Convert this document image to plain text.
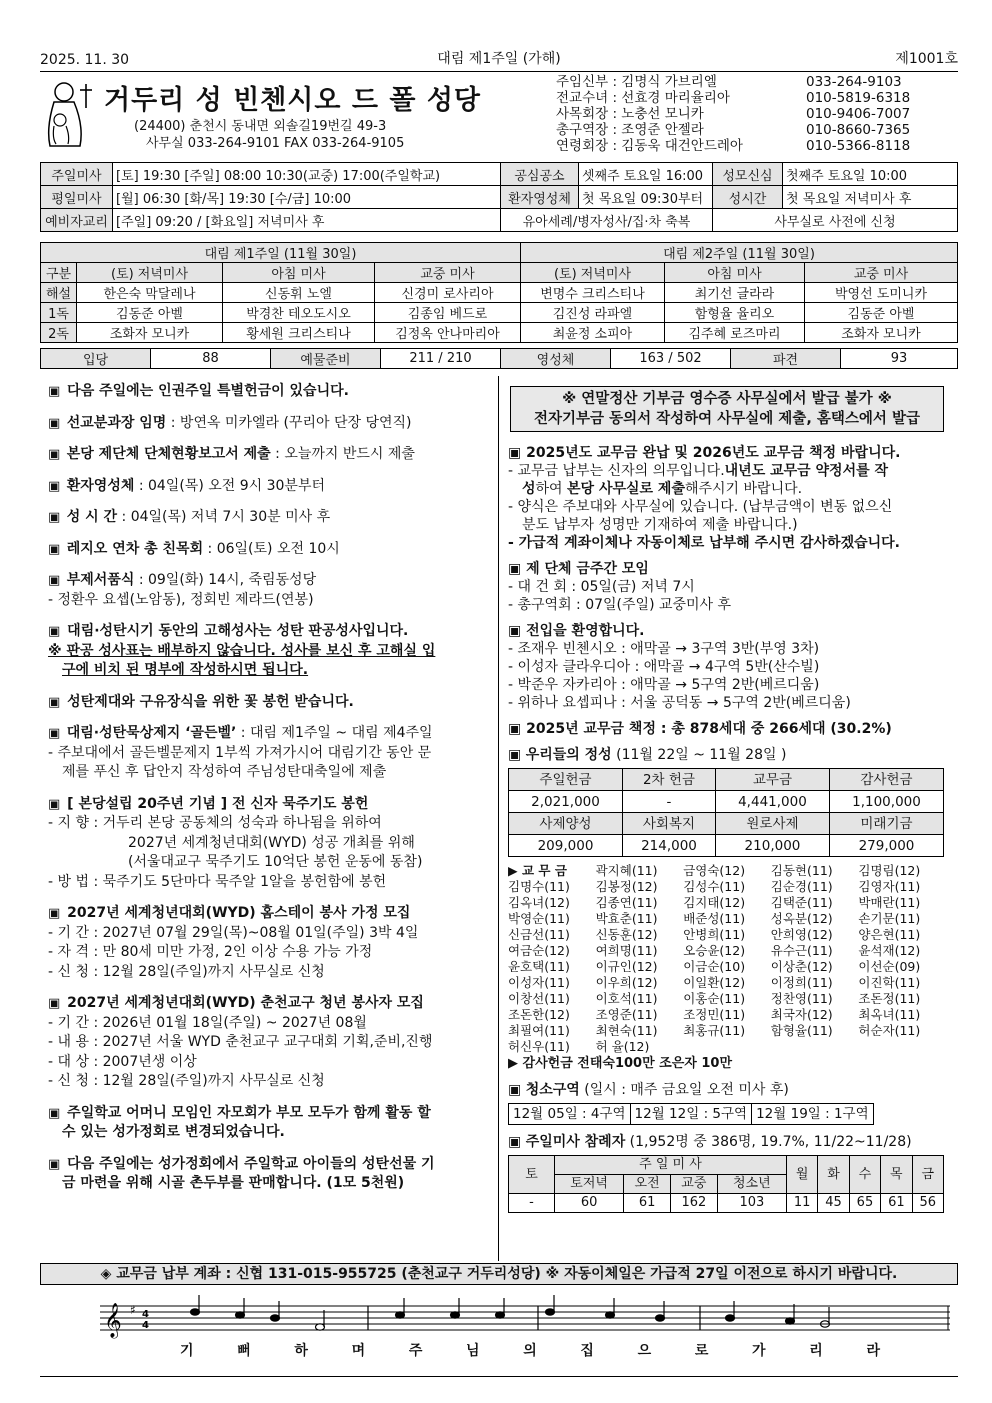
2025. 11. 30	대림 제1주일 (가해)	제1001호
거두리 성 빈첸시오 드 폴 성당
(24400) 춘천시 동내면 외솔길19번길 49-3
사무실 033-264-9101 FAX 033-264-9105
주임신부 : 김명식 가브리엘	033-264-9103
전교수녀 : 선효경 마리율리아	010-5819-6318
사목회장 : 노충선 모니카	010-9406-7007
총구역장 : 조영준 안젤라	010-8660-7365
연령회장 : 김동욱 대건안드레아	010-5366-8118
주일미사	[토] 19:30 [주일] 08:00 10:30(교중) 17:00(주일학교)	공심공소	셋째주 토요일 16:00	성모신심	첫째주 토요일 10:00
평일미사	[월] 06:30 [화/목] 19:30 [수/금] 10:00	환자영성체	첫 목요일 09:30부터	성시간	첫 목요일 저녁미사 후
예비자교리	[주일] 09:20 / [화요일] 저녁미사 후	유아세례/병자성사/집·차 축복		사무실로 사전에 신청	
대림 제1주일 (11월 30일)				대림 제2주일 (11월 30일)		
구분	(토) 저녁미사	아침 미사	교중 미사	(토) 저녁미사	아침 미사	교중 미사
해설	한은숙 막달레나	신동휘 노엘	신경미 로사리아	변명수 크리스티나	최기선 글라라	박영선 도미니카
1독	김동준 아벨	박경찬 테오도시오	김종임 베드로	김진성 라파엘	함형율 율리오	김동준 아벨
2독	조화자 모니카	황세원 크리스티나	김정옥 안나마리아	최윤정 소피아	김주혜 로즈마리	조화자 모니카
입당	88	예물준비	211 / 210	영성체	163 / 502	파견	93
▣ 다음 주일에는 인권주일 특별헌금이 있습니다.
▣ 선교분과장 임명 : 방연옥 미카엘라 (꾸리아 단장 당연직)
▣ 본당 제단체 단체현황보고서 제출 : 오늘까지 반드시 제출
▣ 환자영성체 : 04일(목) 오전 9시 30분부터
▣ 성 시 간 : 04일(목) 저녁 7시 30분 미사 후
▣ 레지오 연차 총 친목회 : 06일(토) 오전 10시
▣ 부제서품식 : 09일(화) 14시, 죽림동성당
- 정환우 요셉(노암동), 정회빈 제라드(연봉)
▣ 대림·성탄시기 동안의 고해성사는 성탄 판공성사입니다.
※ 판공 성사표는 배부하지 않습니다. 성사를 보신 후 고해실 입
구에 비치 된 명부에 작성하시면 됩니다.
▣ 성탄제대와 구유장식을 위한 꽃 봉헌 받습니다.
▣ 대림·성탄묵상제지 ‘골든벨’ : 대림 제1주일 ~ 대림 제4주일
- 주보대에서 골든벨문제지 1부씩 가져가시어 대림기간 동안 문
제를 푸신 후 답안지 작성하여 주님성탄대축일에 제출
▣ [ 본당설립 20주년 기념 ] 전 신자 묵주기도 봉헌
- 지 향 : 거두리 본당 공동체의 성숙과 하나됨을 위하여
2027년 세계청년대회(WYD) 성공 개최를 위해
(서울대교구 묵주기도 10억단 봉헌 운동에 동참)
- 방 법 : 묵주기도 5단마다 묵주알 1알을 봉헌함에 봉헌
▣ 2027년 세계청년대회(WYD) 홈스테이 봉사 가정 모집
- 기 간 : 2027년 07월 29일(목)~08월 01일(주일) 3박 4일
- 자 격 : 만 80세 미만 가정, 2인 이상 수용 가능 가정
- 신 청 : 12월 28일(주일)까지 사무실로 신청
▣ 2027년 세계청년대회(WYD) 춘천교구 청년 봉사자 모집
- 기 간 : 2026년 01월 18일(주일) ~ 2027년 08월
- 내 용 : 2027년 서울 WYD 춘천교구 교구대회 기획,준비,진행
- 대 상 : 2007년생 이상
- 신 청 : 12월 28일(주일)까지 사무실로 신청
▣ 주일학교 어머니 모임인 자모회가 부모 모두가 함께 활동 할
수 있는 성가정회로 변경되었습니다.
▣ 다음 주일에는 성가정회에서 주일학교 아이들의 성탄선물 기
금 마련을 위해 시골 촌두부를 판매합니다. (1모 5천원)
※ 연말정산 기부금 영수증 사무실에서 발급 불가 ※
전자기부금 동의서 작성하여 사무실에 제출, 홈택스에서 발급
▣ 2025년도 교무금 완납 및 2026년도 교무금 책정 바랍니다.
- 교무금 납부는 신자의 의무입니다.내년도 교무금 약정서를 작
성하여 본당 사무실로 제출해주시기 바랍니다.
- 양식은 주보대와 사무실에 있습니다. (납부금액이 변동 없으신
분도 납부자 성명만 기재하여 제출 바랍니다.)
- 가급적 계좌이체나 자동이체로 납부해 주시면 감사하겠습니다.
▣ 제 단체 금주간 모임
- 대 건 회 : 05일(금) 저녁 7시
- 총구역회 : 07일(주일) 교중미사 후
▣ 전입을 환영합니다.
- 조재우 빈첸시오 : 애막골 → 3구역 3반(부영 3차)
- 이성자 클라우디아 : 애막골 → 4구역 5반(산수빌)
- 박준우 자카리아 : 애막골 → 5구역 2반(베르디움)
- 위하나 요셉피나 : 서울 공덕동 → 5구역 2반(베르디움)
▣ 2025년 교무금 책정 : 총 878세대 중 266세대 (30.2%)
▣ 우리들의 정성 (11월 22일 ~ 11월 28일 )
주일헌금	2차 헌금	교무금	감사헌금
2,021,000	-	4,441,000	1,100,000
사제양성	사회복지	원로사제	미래기금
209,000	214,000	210,000	279,000
▶ 교 무 금	곽지혜(11)	금영숙(12)	김동현(11)	김명림(12)
김명수(11)	김봉정(12)	김성수(11)	김순경(11)	김영자(11)
김옥녀(12)	김종연(11)	김지태(12)	김택준(11)	박매란(11)
박영순(11)	박효춘(11)	배준성(11)	성옥분(12)	손기문(11)
신금선(11)	신동훈(12)	안병희(11)	안희영(12)	양은현(11)
여금순(12)	여희명(11)	오승윤(12)	유수근(11)	윤석재(12)
윤호택(11)	이규인(12)	이금순(10)	이상춘(12)	이선순(09)
이성자(11)	이우희(12)	이일환(12)	이정희(11)	이진학(11)
이창선(11)	이호석(11)	이홍순(11)	정찬영(11)	조돈정(11)
조돈한(12)	조영준(11)	조정민(11)	최국자(12)	최옥녀(11)
최필여(11)	최현숙(11)	최홍규(11)	함형율(11)	허순자(11)
허신우(11)	허 율(12)
▶ 감사헌금 전태숙100만 조은자 10만
▣ 청소구역 (일시 : 매주 금요일 오전 미사 후)
12월 05일 : 4구역	12월 12일 : 5구역	12월 19일 : 1구역
▣ 주일미사 참례자 (1,952명 중 386명, 19.7%, 11/22~11/28)
토	주 일 미 사				월	화	수	목	금
	토저녁	오전	교중	청소년					
-	60	61	162	103	11	45	65	61	56
◈ 교무금 납부 계좌 : 신협 131-015-955725 (춘천교구 거두리성당) ※ 자동이체일은 가급적 27일 이전으로 하시기 바랍니다.
𝄞 ♯ 4
4
기	뻐	하	며	주	님	의	집	으	로	가	리	라
